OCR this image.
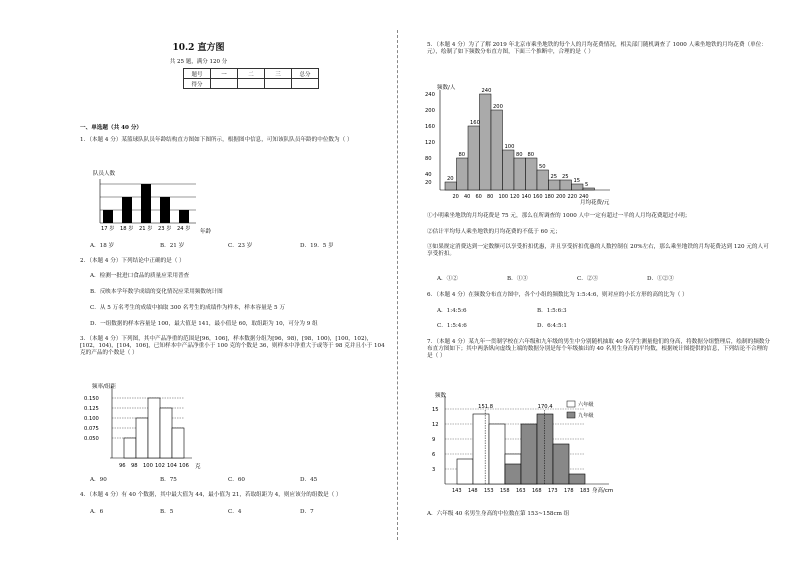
10.2 直方图
共 25 题，满分 120 分
题号	一	二	三	总分
得分				
一、单选题（共 40 分）
1．（本题 4 分）某篮球队队员年龄结构直方图如下图所示，根据图中信息，可知该队队员年龄的中位数为（ ）
队员人数
年龄
17 岁 18 岁 21 岁 23 岁 24 岁
A．18 岁	B．21 岁	C．23 岁	D．19．5 岁
2．（本题 4 分）下列结论中正确的是（ ）
A．检测一批进口食品的质量应采用普查
B．反映本学年数学成绩的变化情况应采用频数统计图
C．从 5 万名考生的成绩中抽取 300 名考生的成绩作为样本，样本容量是 5 万
D．一组数据的样本容量是 100，最大值是 141，最小值是 60，取组距为 10，可分为 9 组
3．（本题 4 分）下列图，其中产品净重的范围是[96，106]，样本数据分组为[96，98)，[98，100)，[100，102)，[102，104)，[104，106]，已知样本中产品净重小于 100 克的个数是 36，则样本中净重大于或等于 98 克并且小于 104 克的产品的个数是（ ）
频率/组距
克
0.150
0.125
0.100
0.075
0.050
96 98 100 102 104 106
A．90	B．75	C．60	D．45
4．（本题 4 分）有 40 个数据，其中最大值为 44，最小值为 21，若取组距为 4，则应该分的组数是（ ）
A．6	B．5	C．4	D．7
5．（本题 4 分）为了了解 2019 年北京市乘坐地铁的每个人的月均花费情况，相关部门随机调查了 1000 人乘坐地铁的月均花费（单位：元），绘制了如下频数分布直方图，下面三个推断中，合理的是（ ）
频数/人
月均花费/元
240
200
160
120
80
40
20
20
80
160
240
200
100
80 80
50
25 25
15
5
20 40 60 80 100 120 140 160 180 200 220 240
①小明乘坐地铁的月均花费是 75 元，那么在所调查的 1000 人中一定有超过一半的人月均花费超过小明；
②估计平均每人乘坐地铁的月均花费的不低于 60 元；
③如果规定消费达到一定数额可以享受折扣优惠，并且享受折扣优惠的人数控制在 20%左右，那么乘坐地铁的月均花费达到 120 元的人可享受折扣。
A．①②	B．①③	C．②③	D．①②③
6．（本题 4 分）在频数分布直方图中，各个小组的频数比为 1:5:4:6，则对应的小长方形的高的比为（ ）
A．1:4:5:6	B．1:5:6:3
C．1:5:4:6	D．6:4:5:1
7．（本题 4 分）某九年一贯制学校在六年级和九年级的男生中分别随机抽取 40 名学生测量他们的身高，将数据分组整理后，绘制的频数分布直方图如下；其中两条纵向虚线上端的数据分别是每个年级抽出的 40 名男生身高的平均数，根据统计图提供的信息，下列结论不合理的是（ ）
频数
身高/cm
六年级
九年级
15
12
9
6
3
151.8	170.4
143 148 153 158 163 168 173 178 183
A．六年级 40 名男生身高的中位数在第 153~158cm 组
